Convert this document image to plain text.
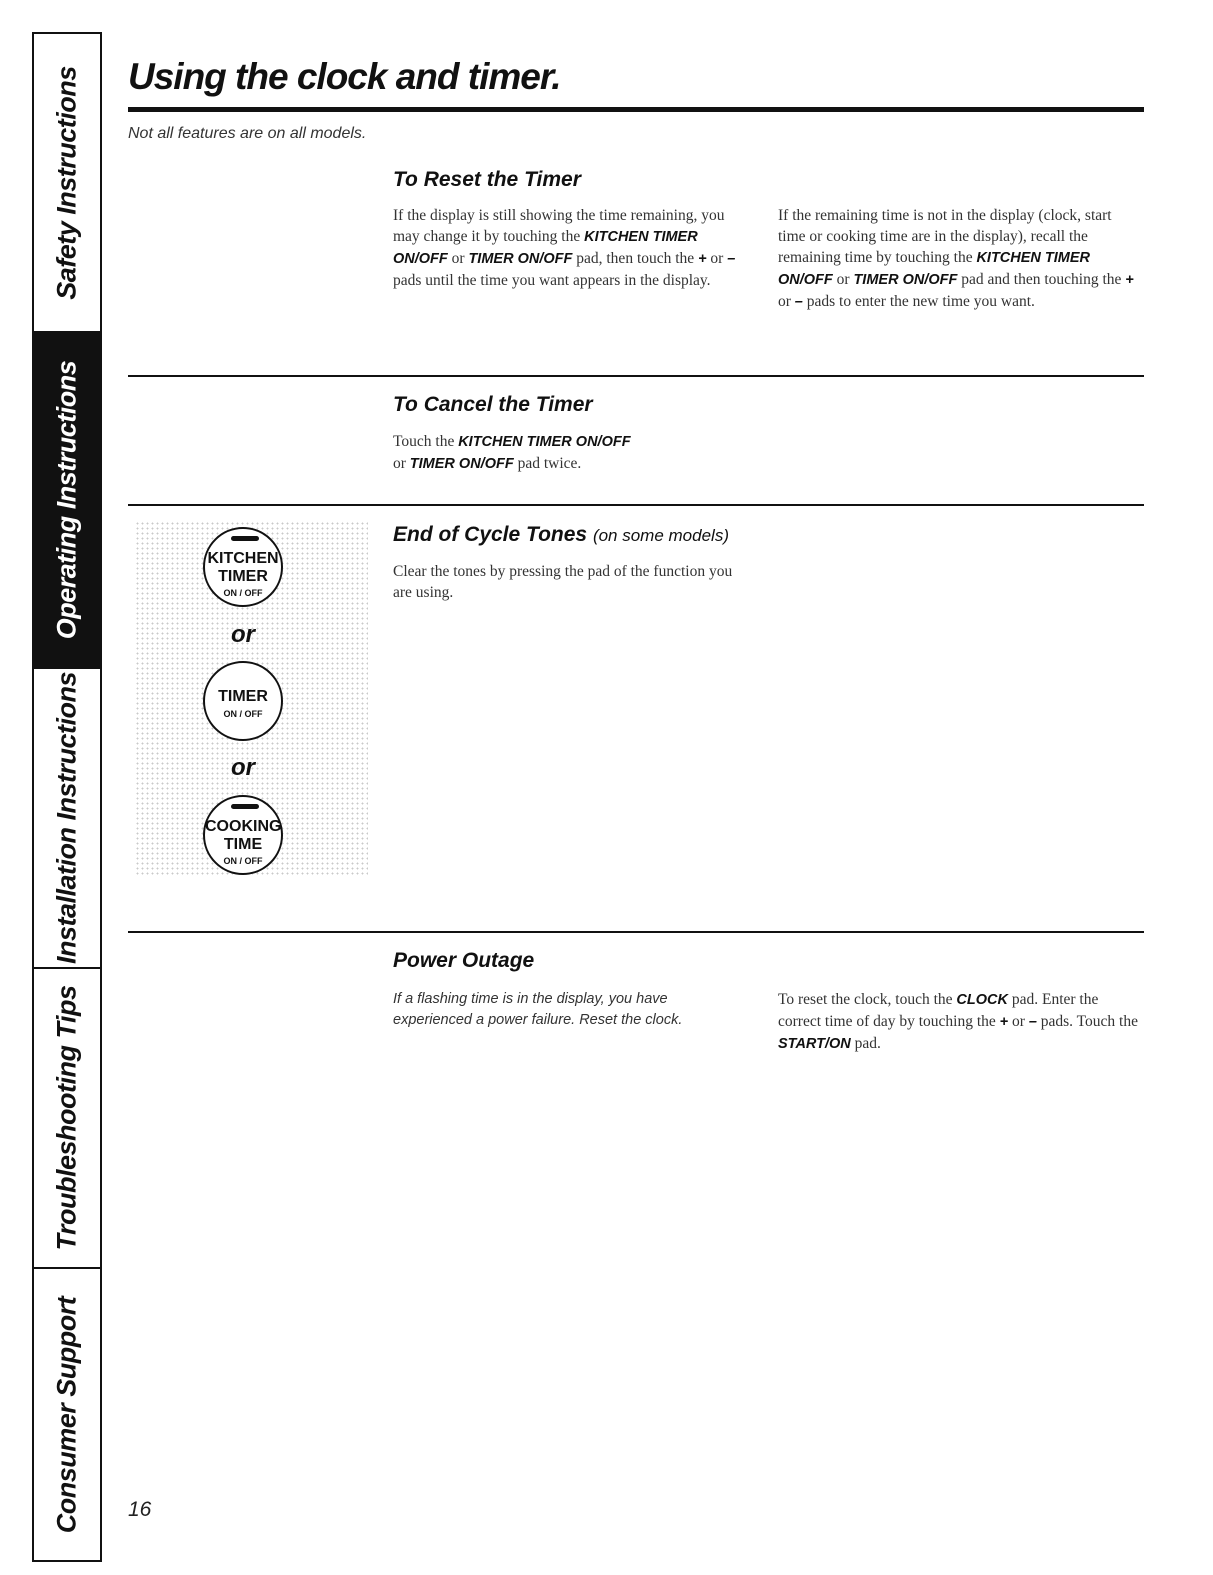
Safety Instructions
Operating Instructions
Installation Instructions
Troubleshooting Tips
Consumer Support
Using the clock and timer.

Not all features are on all models.

To Reset the Timer

If the display is still showing the time remaining, you may change it by touching the KITCHEN TIMER ON/OFF or TIMER ON/OFF pad, then touch the + or – pads until the time you want appears in the display.

If the remaining time is not in the display (clock, start time or cooking time are in the display), recall the remaining time by touching the KITCHEN TIMER ON/OFF or TIMER ON/OFF pad and then touching the + or – pads to enter the new time you want.

To Cancel the Timer

Touch the KITCHEN TIMER ON/OFF
or TIMER ON/OFF pad twice.

End of Cycle Tones (on some models)

Clear the tones by pressing the pad of the function you are using.

KITCHEN
TIMER
ON / OFF
or
TIMER
ON / OFF
or
COOKING
TIME
ON / OFF
Power Outage

If a flashing time is in the display, you have experienced a power failure. Reset the clock.

To reset the clock, touch the CLOCK pad. Enter the correct time of day by touching the + or – pads. Touch the START/ON pad.

16
